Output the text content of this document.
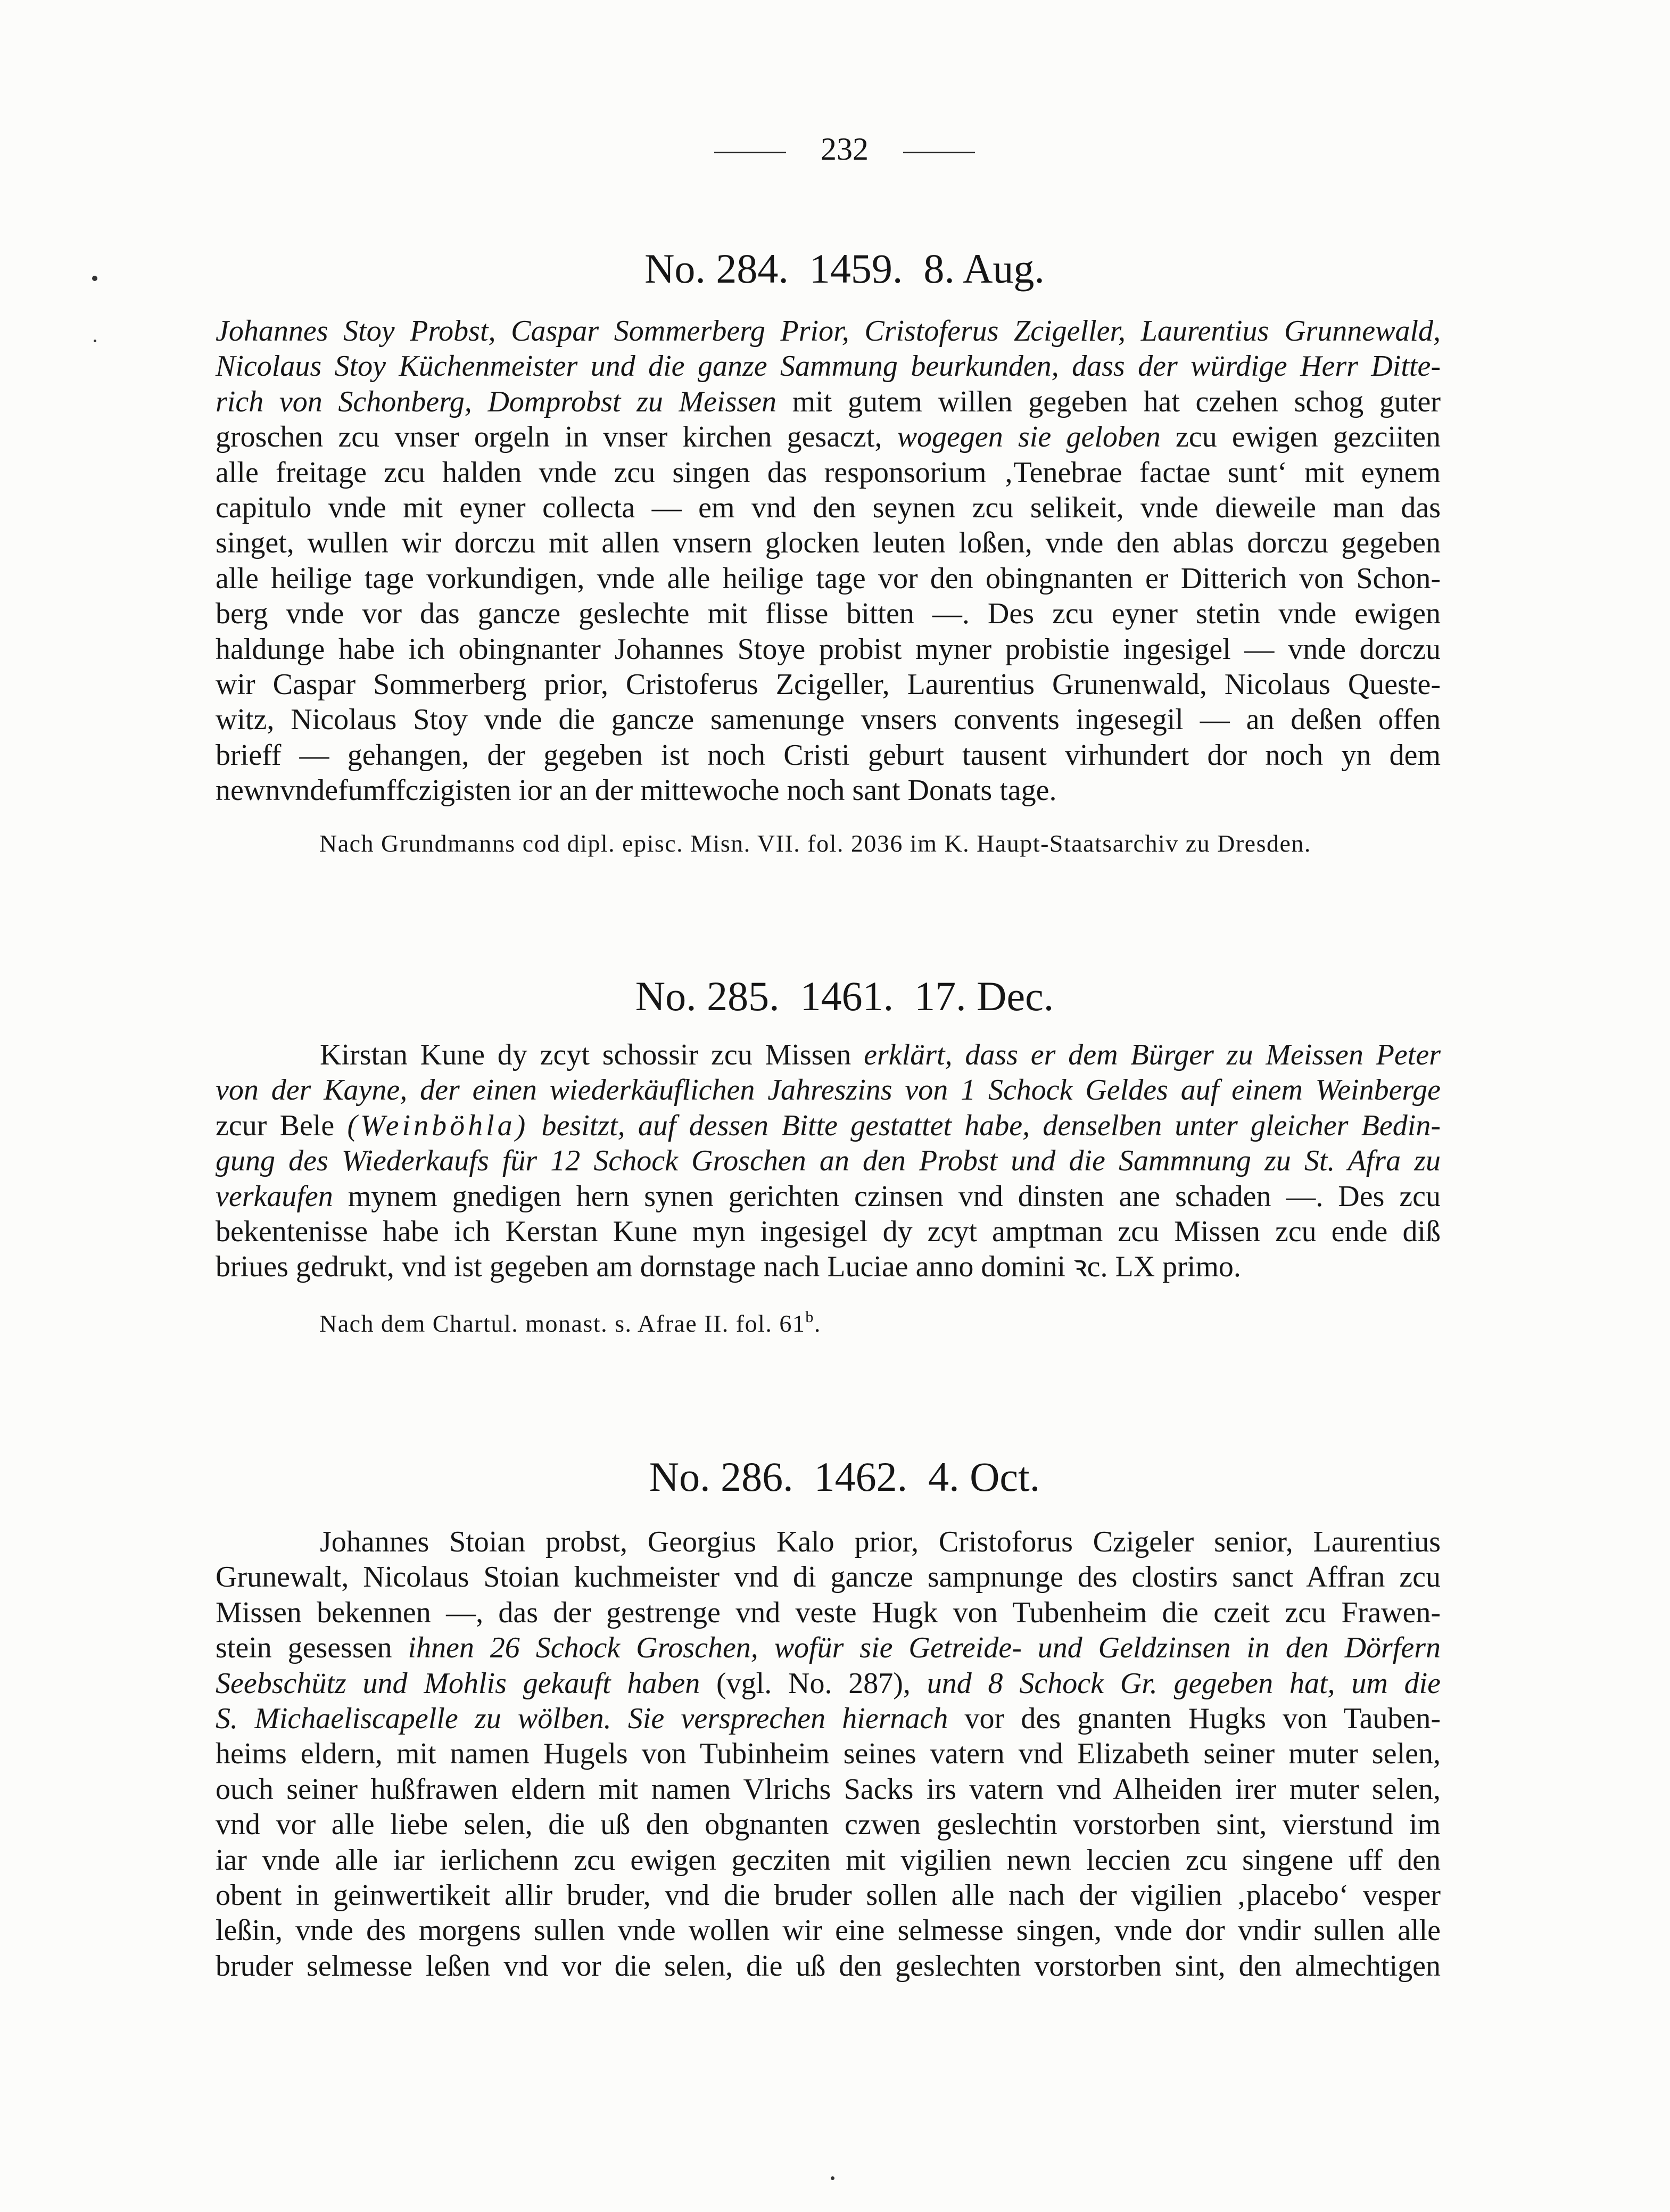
232
No. 284.  1459.  8. Aug.
Johannes Stoy Probst, Caspar Sommerberg Prior, Cristoferus Zcigeller, Laurentius Grunnewald,
Nicolaus Stoy Küchenmeister und die ganze Sammung beurkunden, dass der würdige Herr Ditte-
rich von Schonberg, Domprobst zu Meissen mit gutem willen gegeben hat czehen schog guter
groschen zcu vnser orgeln in vnser kirchen gesaczt, wogegen sie geloben zcu ewigen gezciiten
alle freitage zcu halden vnde zcu singen das responsorium ‚Tenebrae factae sunt‘ mit eynem
capitulo vnde mit eyner collecta — em vnd den seynen zcu selikeit, vnde dieweile man das
singet, wullen wir dorczu mit allen vnsern glocken leuten loßen, vnde den ablas dorczu gegeben
alle heilige tage vorkundigen, vnde alle heilige tage vor den obingnanten er Ditterich von Schon-
berg vnde vor das gancze geslechte mit flisse bitten —. Des zcu eyner stetin vnde ewigen
haldunge habe ich obingnanter Johannes Stoye probist myner probistie ingesigel — vnde dorczu
wir Caspar Sommerberg prior, Cristoferus Zcigeller, Laurentius Grunenwald, Nicolaus Queste-
witz, Nicolaus Stoy vnde die gancze samenunge vnsers convents ingesegil — an deßen offen
brieff — gehangen, der gegeben ist noch Cristi geburt tausent virhundert dor noch yn dem
newnvndefumffczigisten ior an der mittewoche noch sant Donats tage.

Nach Grundmanns cod dipl. episc. Misn. VII. fol. 2036 im K. Haupt-Staatsarchiv zu Dresden.

No. 285.  1461.  17. Dec.
Kirstan Kune dy zcyt schossir zcu Missen erklärt, dass er dem Bürger zu Meissen Peter
von der Kayne, der einen wiederkäuflichen Jahreszins von 1 Schock Geldes auf einem Weinberge
zcur Bele (Weinböhla) besitzt, auf dessen Bitte gestattet habe, denselben unter gleicher Bedin-
gung des Wiederkaufs für 12 Schock Groschen an den Probst und die Sammnung zu St. Afra zu
verkaufen mynem gnedigen hern synen gerichten czinsen vnd dinsten ane schaden —. Des zcu
bekentenisse habe ich Kerstan Kune myn ingesigel dy zcyt amptman zcu Missen zcu ende diß
briues gedrukt, vnd ist gegeben am dornstage nach Luciae anno domini ꝛc. LX primo.

Nach dem Chartul. monast. s. Afrae II. fol. 61$^b$.

No. 286.  1462.  4. Oct.
Johannes Stoian probst, Georgius Kalo prior, Cristoforus Czigeler senior, Laurentius
Grunewalt, Nicolaus Stoian kuchmeister vnd di gancze sampnunge des clostirs sanct Affran zcu
Missen bekennen —, das der gestrenge vnd veste Hugk von Tubenheim die czeit zcu Frawen-
stein gesessen ihnen 26 Schock Groschen, wofür sie Getreide- und Geldzinsen in den Dörfern
Seebschütz und Mohlis gekauft haben (vgl. No. 287), und 8 Schock Gr. gegeben hat, um die
S. Michaeliscapelle zu wölben. Sie versprechen hiernach vor des gnanten Hugks von Tauben-
heims eldern, mit namen Hugels von Tubinheim seines vatern vnd Elizabeth seiner muter selen,
ouch seiner hußfrawen eldern mit namen Vlrichs Sacks irs vatern vnd Alheiden irer muter selen,
vnd vor alle liebe selen, die uß den obgnanten czwen geslechtin vorstorben sint, vierstund im
iar vnde alle iar ierlichenn zcu ewigen gecziten mit vigilien newn leccien zcu singene uff den
obent in geinwertikeit allir bruder, vnd die bruder sollen alle nach der vigilien ‚placebo‘ vesper
leßin, vnde des morgens sullen vnde wollen wir eine selmesse singen, vnde dor vndir sullen alle
bruder selmesse leßen vnd vor die selen, die uß den geslechten vorstorben sint, den almechtigen
